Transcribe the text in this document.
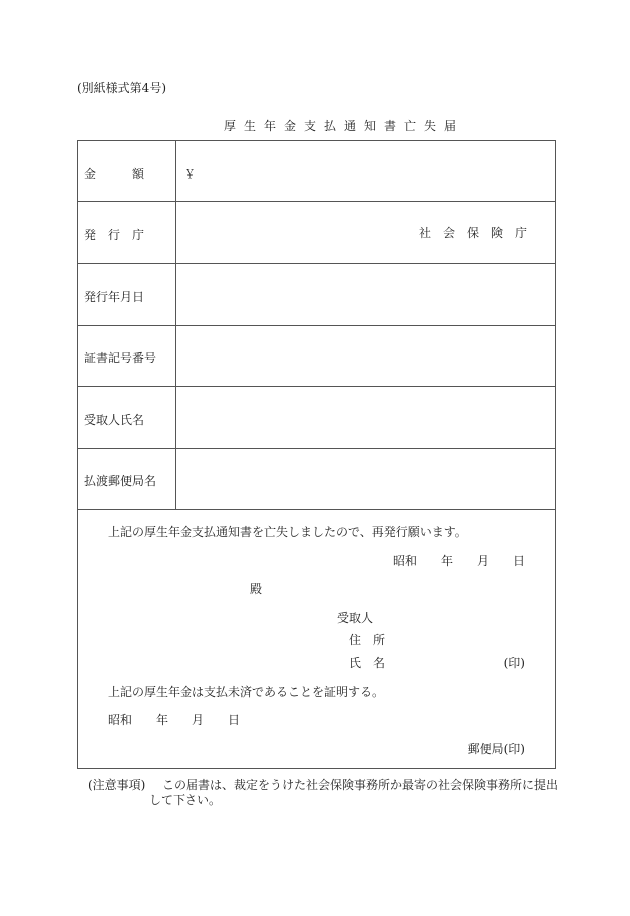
(別紙様式第4号)
厚生年金支払通知書亡失届
金　　　額	￥
発　行　庁	社　会　保　険　庁
発行年月日
証書記号番号
受取人氏名
払渡郵便局名
上記の厚生年金支払通知書を亡失しましたので、再発行願います。
昭和　　年　　月　　日
殿
受取人
住　所
氏　名	(印)
上記の厚生年金は支払未済であることを証明する。
昭和　　年　　月　　日
郵便局(印)
(注意事項) この届書は、裁定をうけた社会保険事務所か最寄の社会保険事務所に提出
して下さい。
